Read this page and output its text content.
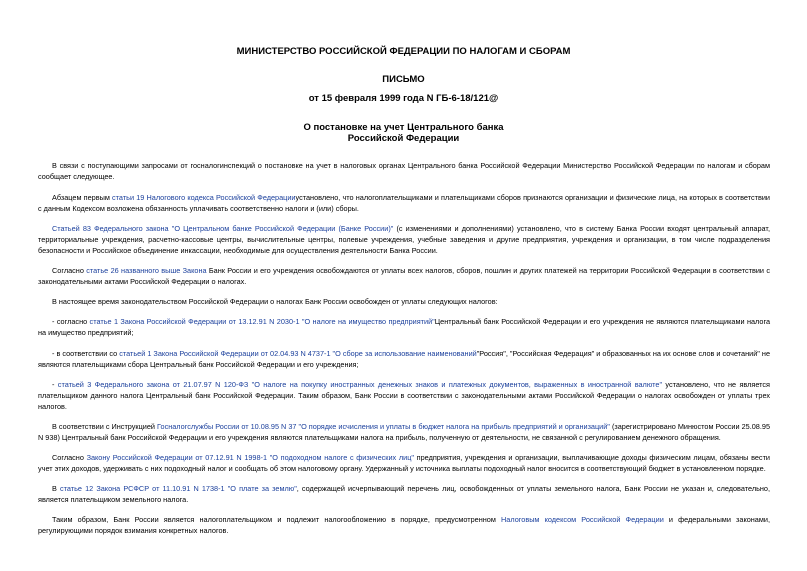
МИНИСТЕРСТВО РОССИЙСКОЙ ФЕДЕРАЦИИ ПО НАЛОГАМ И СБОРАМ
ПИСЬМО
от 15 февраля 1999 года N ГБ-6-18/121@
О постановке на учет Центрального банка
Российской Федерации
В связи с поступающими запросами от госналогинспекций о постановке на учет в налоговых органах Центрального банка Российской Федерации Министерство Российской Федерации по налогам и сборам сообщает следующее.
Абзацем первым статьи 19 Налогового кодекса Российской Федерацииустановлено, что налогоплательщиками и плательщиками сборов признаются организации и физические лица, на которых в соответствии с данным Кодексом возложена обязанность уплачивать соответственно налоги и (или) сборы.
Статьей 83 Федерального закона "О Центральном банке Российской Федерации (Банке России)" (с изменениями и дополнениями) установлено, что в систему Банка России входят центральный аппарат, территориальные учреждения, расчетно-кассовые центры, вычислительные центры, полевые учреждения, учебные заведения и другие предприятия, учреждения и организации, в том числе подразделения безопасности и Российское объединение инкассации, необходимые для осуществления деятельности Банка России.
Согласно статье 26 названного выше Закона Банк России и его учреждения освобождаются от уплаты всех налогов, сборов, пошлин и других платежей на территории Российской Федерации в соответствии с законодательными актами Российской Федерации о налогах.
В настоящее время законодательством Российской Федерации о налогах Банк России освобожден от уплаты следующих налогов:
- согласно статье 1 Закона Российской Федерации от 13.12.91 N 2030-1 "О налоге на имущество предприятий"Центральный банк Российской Федерации и его учреждения не являются плательщиками налога на имущество предприятий;
- в соответствии со статьей 1 Закона Российской Федерации от 02.04.93 N 4737-1 "О сборе за использование наименований"Россия", "Российская Федерация" и образованных на их основе слов и сочетаний" не являются плательщиками сбора Центральный банк Российской Федерации и его учреждения;
- статьей 3 Федерального закона от 21.07.97 N 120-ФЗ "О налоге на покупку иностранных денежных знаков и платежных документов, выраженных в иностранной валюте" установлено, что не является плательщиком данного налога Центральный банк Российской Федерации. Таким образом, Банк России в соответствии с законодательными актами Российской Федерации о налогах освобожден от уплаты трех налогов.
В соответствии с Инструкцией Госналогслужбы России от 10.08.95 N 37 "О порядке исчисления и уплаты в бюджет налога на прибыль предприятий и организаций" (зарегистрировано Минюстом России 25.08.95 N 938) Центральный банк Российской Федерации и его учреждения являются плательщиками налога на прибыль, полученную от деятельности, не связанной с регулированием денежного обращения.
Согласно Закону Российской Федерации от 07.12.91 N 1998-1 "О подоходном налоге с физических лиц" предприятия, учреждения и организации, выплачивающие доходы физическим лицам, обязаны вести учет этих доходов, удерживать с них подоходный налог и сообщать об этом налоговому органу. Удержанный у источника выплаты подоходный налог вносится в соответствующий бюджет в установленном порядке.
В статье 12 Закона РСФСР от 11.10.91 N 1738-1 "О плате за землю", содержащей исчерпывающий перечень лиц, освобожденных от уплаты земельного налога, Банк России не указан и, следовательно, является плательщиком земельного налога.
Таким образом, Банк России является налогоплательщиком и подлежит налогообложению в порядке, предусмотренном Налоговым кодексом Российской Федерации и федеральными законами, регулирующими порядок взимания конкретных налогов.
